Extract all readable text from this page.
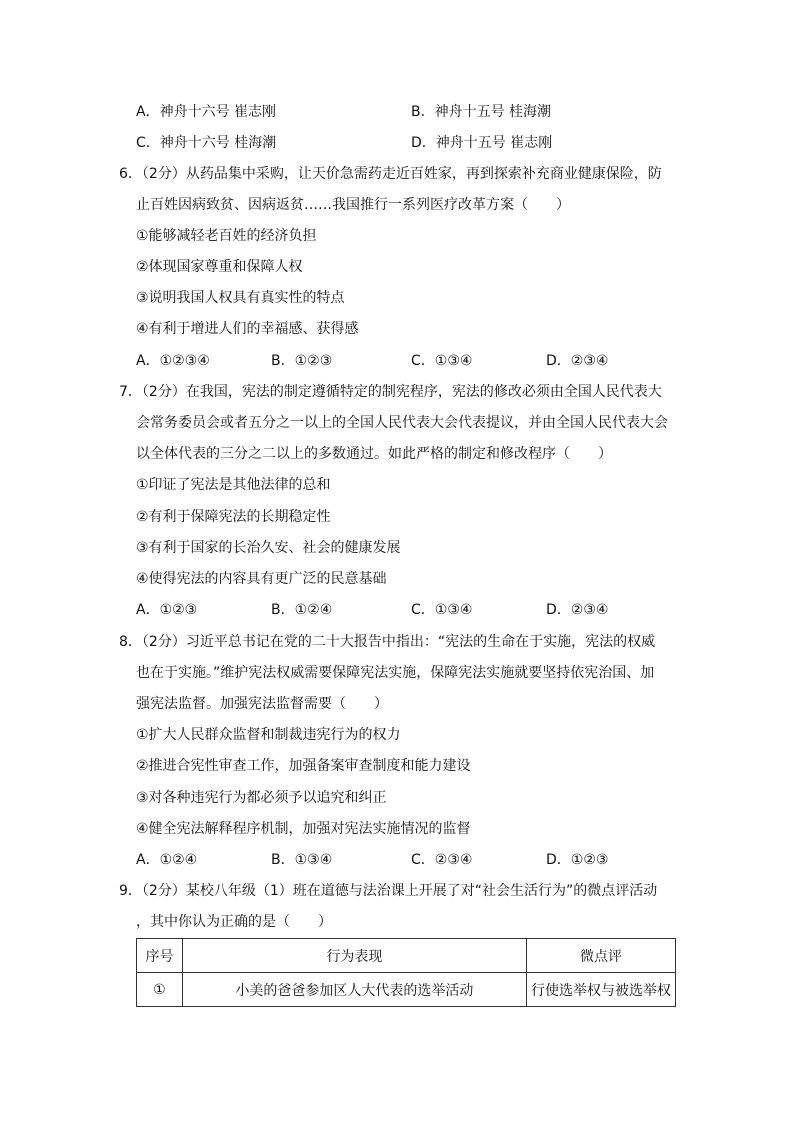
A．神舟十六号 崔志刚	B．神舟十五号 桂海潮
C．神舟十六号 桂海潮	D．神舟十五号 崔志刚
6．（2分）从药品集中采购，让天价急需药走近百姓家，再到探索补充商业健康保险，防
止百姓因病致贫、因病返贫……我国推行一系列医疗改革方案（　　）
①能够减轻老百姓的经济负担
②体现国家尊重和保障人权
③说明我国人权具有真实性的特点
④有利于增进人们的幸福感、获得感
A．①②③④	B．①②③	C．①③④	D．②③④
7．（2分）在我国，宪法的制定遵循特定的制宪程序，宪法的修改必须由全国人民代表大
会常务委员会或者五分之一以上的全国人民代表大会代表提议，并由全国人民代表大会
以全体代表的三分之二以上的多数通过。如此严格的制定和修改程序（　　）
①印证了宪法是其他法律的总和
②有利于保障宪法的长期稳定性
③有利于国家的长治久安、社会的健康发展
④使得宪法的内容具有更广泛的民意基础
A．①②③	B．①②④	C．①③④	D．②③④
8．（2分）习近平总书记在党的二十大报告中指出：“宪法的生命在于实施，宪法的权威
也在于实施。”维护宪法权威需要保障宪法实施，保障宪法实施就要坚持依宪治国、加
强宪法监督。加强宪法监督需要（　　）
①扩大人民群众监督和制裁违宪行为的权力
②推进合宪性审查工作，加强备案审查制度和能力建设
③对各种违宪行为都必须予以追究和纠正
④健全宪法解释程序机制，加强对宪法实施情况的监督
A．①②④	B．①③④	C．②③④	D．①②③
9．（2分）某校八年级（1）班在道德与法治课上开展了对“社会生活行为”的微点评活动
，其中你认为正确的是（　　）
序号	行为表现	微点评
①	小美的爸爸参加区人大代表的选举活动	行使选举权与被选举权
